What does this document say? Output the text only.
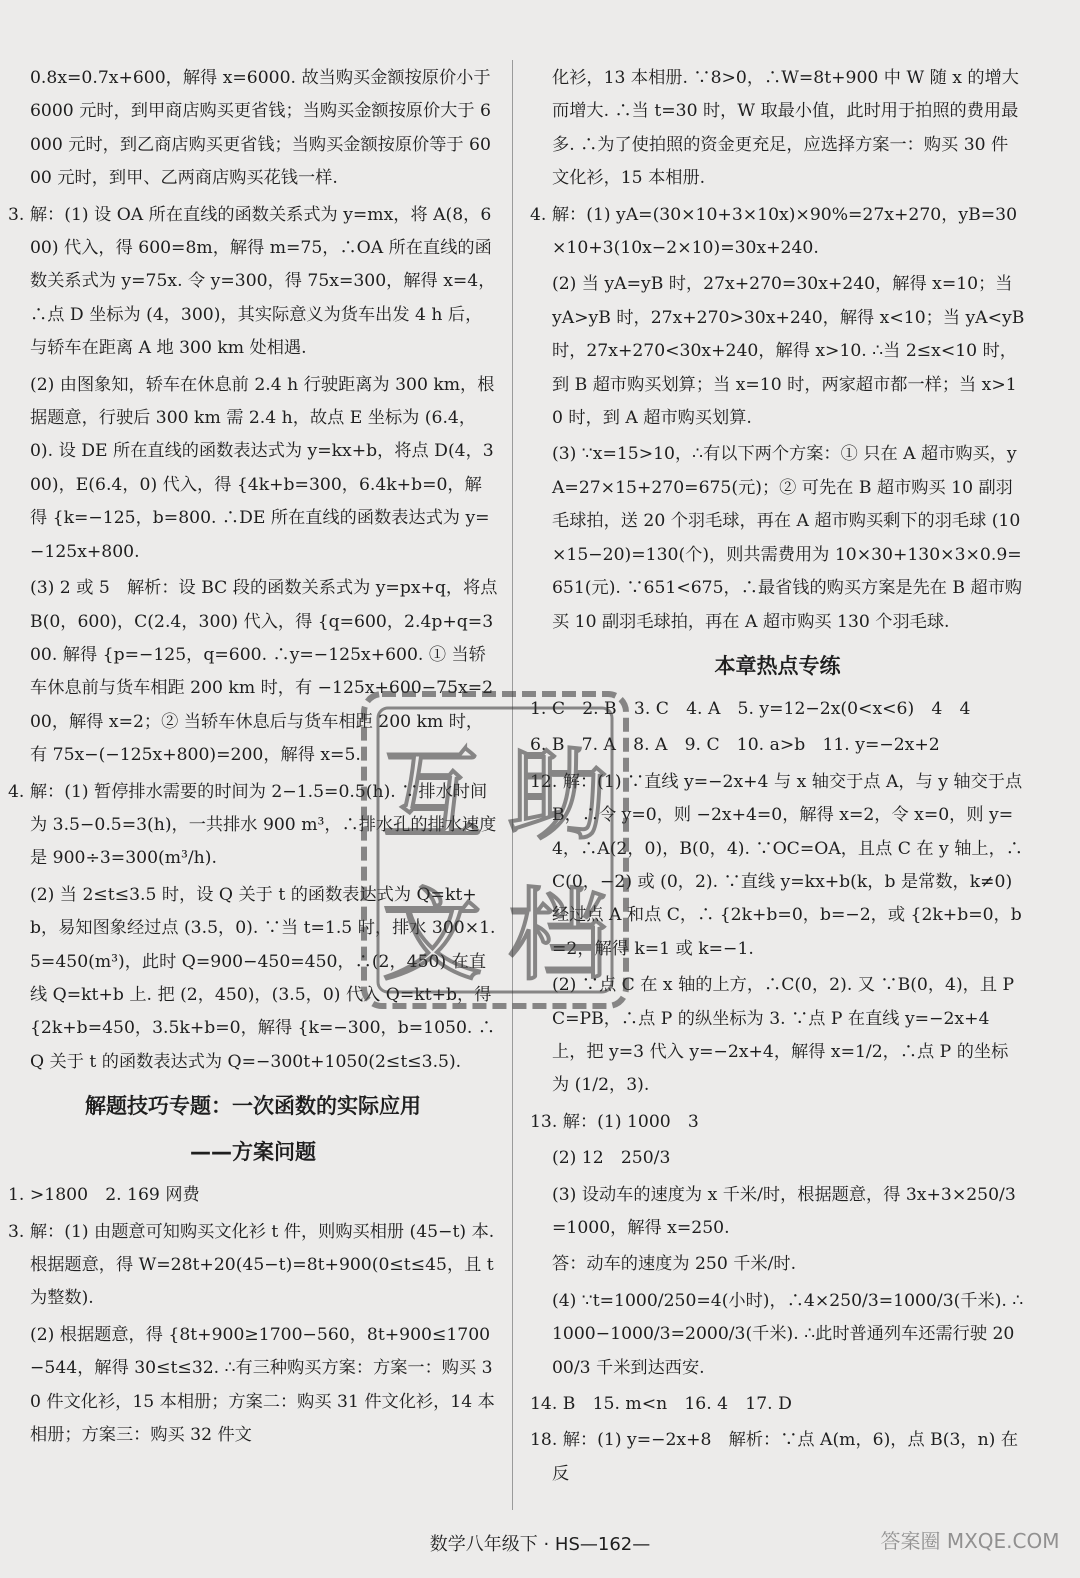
0.8x=0.7x+600，解得 x=6000. 故当购买金额按原价小于 6000 元时，到甲商店购买更省钱；当购买金额按原价大于 6000 元时，到乙商店购买更省钱；当购买金额按原价等于 6000 元时，到甲、乙两商店购买花钱一样.

3. 解：(1) 设 OA 所在直线的函数关系式为 y=mx，将 A(8，600) 代入，得 600=8m，解得 m=75，∴OA 所在直线的函数关系式为 y=75x. 令 y=300，得 75x=300，解得 x=4，∴点 D 坐标为 (4，300)，其实际意义为货车出发 4 h 后，与轿车在距离 A 地 300 km 处相遇.

(2) 由图象知，轿车在休息前 2.4 h 行驶距离为 300 km，根据题意，行驶后 300 km 需 2.4 h，故点 E 坐标为 (6.4，0). 设 DE 所在直线的函数表达式为 y=kx+b，将点 D(4，300)，E(6.4，0) 代入，得 {4k+b=300，6.4k+b=0，解得 {k=−125，b=800. ∴DE 所在直线的函数表达式为 y=−125x+800.

(3) 2 或 5　解析：设 BC 段的函数关系式为 y=px+q，将点 B(0，600)，C(2.4，300) 代入，得 {q=600，2.4p+q=300. 解得 {p=−125，q=600. ∴y=−125x+600. ① 当轿车休息前与货车相距 200 km 时，有 −125x+600−75x=200，解得 x=2；② 当轿车休息后与货车相距 200 km 时，有 75x−(−125x+800)=200，解得 x=5.

4. 解：(1) 暂停排水需要的时间为 2−1.5=0.5(h). ∵排水时间为 3.5−0.5=3(h)，一共排水 900 m³，∴排水孔的排水速度是 900÷3=300(m³/h).

(2) 当 2≤t≤3.5 时，设 Q 关于 t 的函数表达式为 Q=kt+b，易知图象经过点 (3.5，0). ∵当 t=1.5 时，排水 300×1.5=450(m³)，此时 Q=900−450=450，∴(2，450) 在直线 Q=kt+b 上. 把 (2，450)，(3.5，0) 代入 Q=kt+b，得 {2k+b=450，3.5k+b=0，解得 {k=−300，b=1050. ∴Q 关于 t 的函数表达式为 Q=−300t+1050(2≤t≤3.5).

解题技巧专题：一次函数的实际应用
——方案问题

1. >1800　2. 169 网费

3. 解：(1) 由题意可知购买文化衫 t 件，则购买相册 (45−t) 本. 根据题意，得 W=28t+20(45−t)=8t+900(0≤t≤45，且 t 为整数).

(2) 根据题意，得 {8t+900≥1700−560，8t+900≤1700−544，解得 30≤t≤32. ∴有三种购买方案：方案一：购买 30 件文化衫，15 本相册；方案二：购买 31 件文化衫，14 本相册；方案三：购买 32 件文

化衫，13 本相册. ∵8>0，∴W=8t+900 中 W 随 x 的增大而增大. ∴当 t=30 时，W 取最小值，此时用于拍照的费用最多. ∴为了使拍照的资金更充足，应选择方案一：购买 30 件文化衫，15 本相册.

4. 解：(1) yA=(30×10+3×10x)×90%=27x+270，yB=30×10+3(10x−2×10)=30x+240.

(2) 当 yA=yB 时，27x+270=30x+240，解得 x=10；当 yA>yB 时，27x+270>30x+240，解得 x<10；当 yA<yB 时，27x+270<30x+240，解得 x>10. ∴当 2≤x<10 时，到 B 超市购买划算；当 x=10 时，两家超市都一样；当 x>10 时，到 A 超市购买划算.

(3) ∵x=15>10，∴有以下两个方案：① 只在 A 超市购买，yA=27×15+270=675(元)；② 可先在 B 超市购买 10 副羽毛球拍，送 20 个羽毛球，再在 A 超市购买剩下的羽毛球 (10×15−20)=130(个)，则共需费用为 10×30+130×3×0.9=651(元). ∵651<675，∴最省钱的购买方案是先在 B 超市购买 10 副羽毛球拍，再在 A 超市购买 130 个羽毛球.

本章热点专练

1. C　2. B　3. C　4. A　5. y=12−2x(0<x<6)　4　4

6. B　7. A　8. A　9. C　10. a>b　11. y=−2x+2

12. 解：(1) ∵直线 y=−2x+4 与 x 轴交于点 A，与 y 轴交于点 B，∴令 y=0，则 −2x+4=0，解得 x=2，令 x=0，则 y=4，∴A(2，0)，B(0，4). ∵OC=OA，且点 C 在 y 轴上，∴C(0，−2) 或 (0，2). ∵直线 y=kx+b(k，b 是常数，k≠0) 经过点 A 和点 C，∴ {2k+b=0，b=−2，或 {2k+b=0，b=2，解得 k=1 或 k=−1.

(2) ∵点 C 在 x 轴的上方，∴C(0，2). 又 ∵B(0，4)，且 PC=PB，∴点 P 的纵坐标为 3. ∵点 P 在直线 y=−2x+4 上，把 y=3 代入 y=−2x+4，解得 x=1/2，∴点 P 的坐标为 (1/2，3).

13. 解：(1) 1000　3

(2) 12　250/3

(3) 设动车的速度为 x 千米/时，根据题意，得 3x+3×250/3=1000，解得 x=250.

答：动车的速度为 250 千米/时.

(4) ∵t=1000/250=4(小时)，∴4×250/3=1000/3(千米). ∴1000−1000/3=2000/3(千米). ∴此时普通列车还需行驶 2000/3 千米到达西安.

14. B　15. m<n　16. 4　17. D

18. 解：(1) y=−2x+8　解析：∵点 A(m，6)，点 B(3，n) 在反

互 助
文 档
数学八年级下 · HS—162—	答案圈 MXQE.COM
